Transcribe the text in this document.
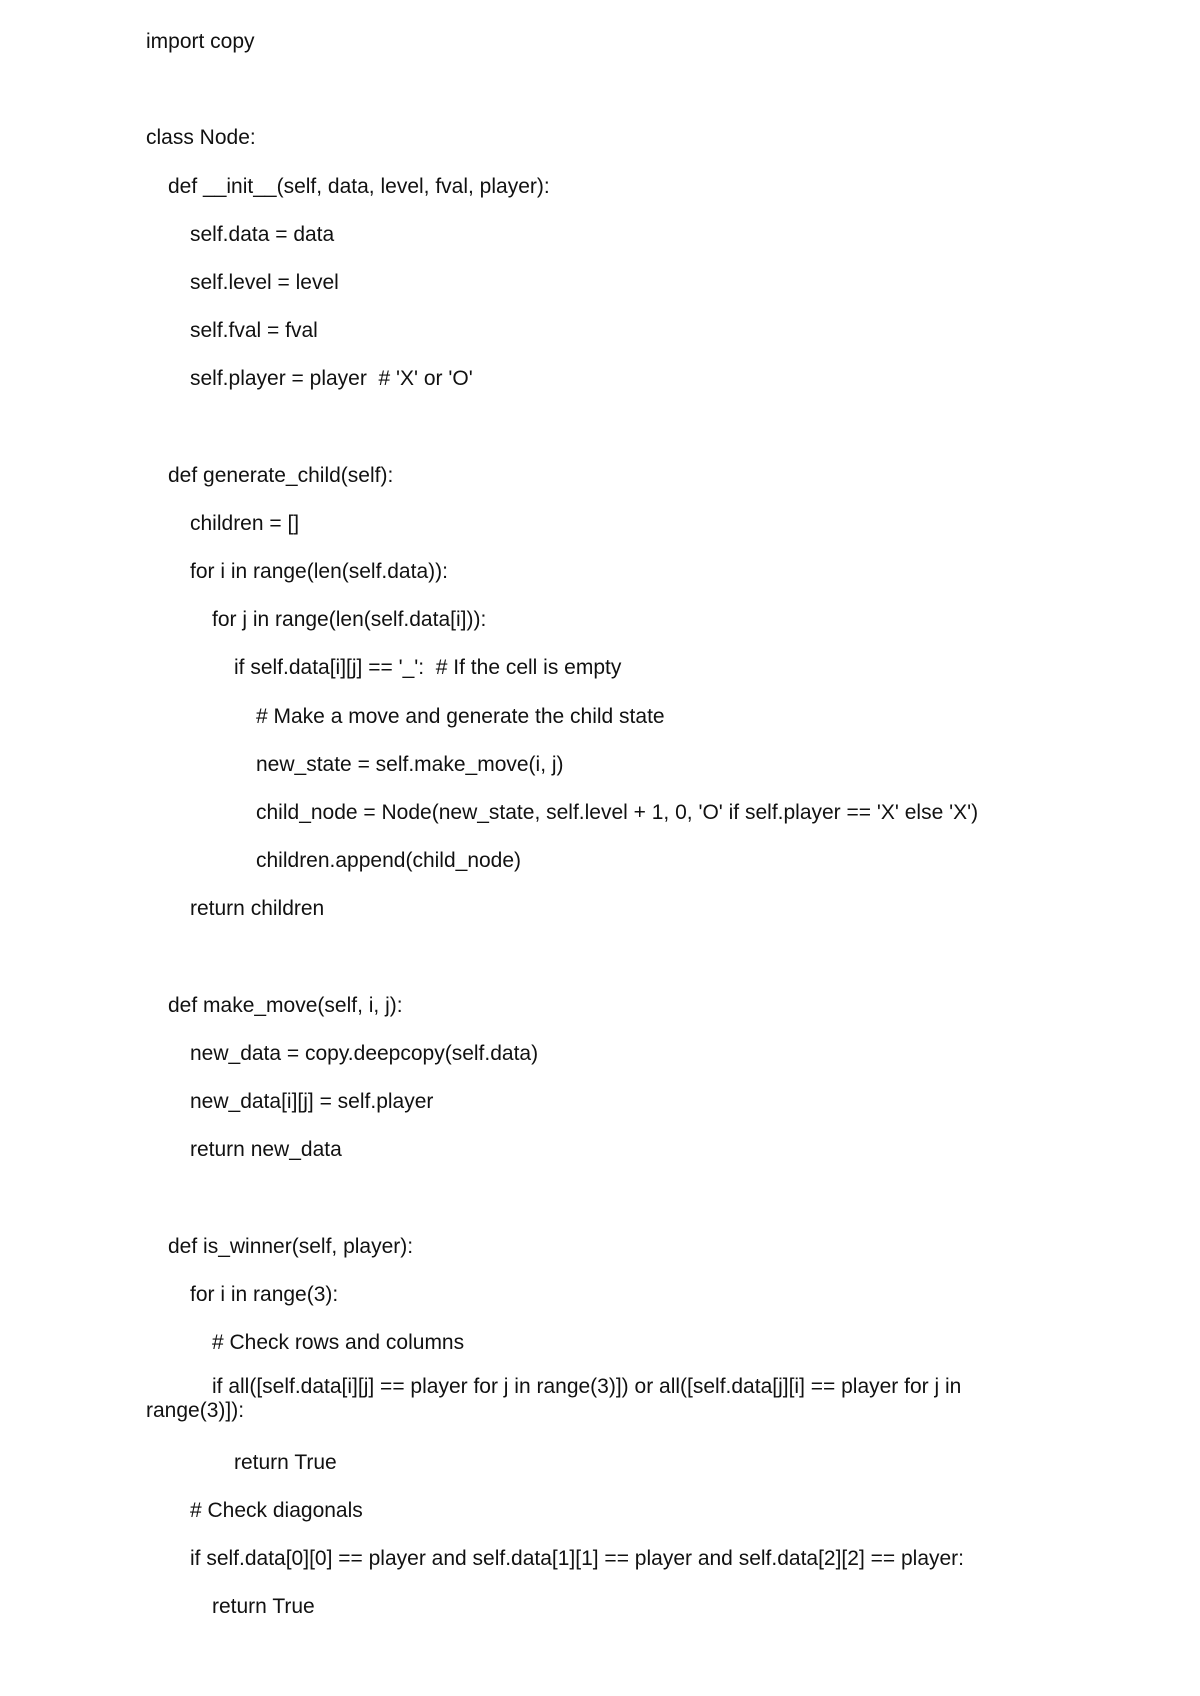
import copy
class Node:
def __init__(self, data, level, fval, player):
self.data = data
self.level = level
self.fval = fval
self.player = player  # 'X' or 'O'
def generate_child(self):
children = []
for i in range(len(self.data)):
for j in range(len(self.data[i])):
if self.data[i][j] == '_':  # If the cell is empty
# Make a move and generate the child state
new_state = self.make_move(i, j)
child_node = Node(new_state, self.level + 1, 0, 'O' if self.player == 'X' else 'X')
children.append(child_node)
return children
def make_move(self, i, j):
new_data = copy.deepcopy(self.data)
new_data[i][j] = self.player
return new_data
def is_winner(self, player):
for i in range(3):
# Check rows and columns
if all([self.data[i][j] == player for j in range(3)]) or all([self.data[j][i] == player for j in range(3)]):
return True
# Check diagonals
if self.data[0][0] == player and self.data[1][1] == player and self.data[2][2] == player:
return True
